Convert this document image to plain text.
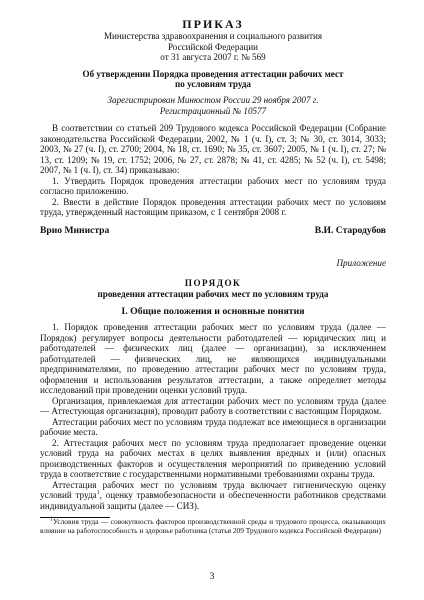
ПРИКАЗ

Министерства здравоохранения и социального развития

Российской Федерации

от 31 августа 2007 г. № 569

Об утверждении Порядка проведения аттестации рабочих мест

по условиям труда

Зарегистрирован Минюстом России 29 ноября 2007 г.

Регистрационный № 10577

В соответствии со статьей 209 Трудового кодекса Российской Федерации (Собрание законодательства Российской Федерации, 2002, № 1 (ч. I), ст. 3; № 30, ст. 3014, 3033; 2003, № 27 (ч. I), ст. 2700; 2004, № 18, ст. 1690; № 35, ст. 3607; 2005, № 1 (ч. I), ст. 27; № 13, ст. 1209; № 19, ст. 1752; 2006, № 27, ст. 2878; № 41, ст. 4285; № 52 (ч. I), ст. 5498; 2007, № 1 (ч. I), ст. 34) приказываю:

1. Утвердить Порядок проведения аттестации рабочих мест по условиям труда согласно приложению.

2. Ввести в действие Порядок проведения аттестации рабочих мест по условиям труда, утвержденный настоящим приказом, с 1 сентября 2008 г.

Врио Министра	В.И. Стародубов

Приложение

ПОРЯДОК

проведения аттестации рабочих мест по условиям труда

I. Общие положения и основные понятия

1. Порядок проведения аттестации рабочих мест по условиям труда (далее — Порядок) регулирует вопросы деятельности работодателей — юридических лиц и работодателей — физических лиц (далее — организации), за исключением работодателей — физических лиц, не являющихся индивидуальными предпринимателями, по проведению аттестации рабочих мест по условиям труда, оформления и использования результатов аттестации, а также определяет методы исследований при проведении оценки условий труда.

Организация, привлекаемая для аттестации рабочих мест по условиям труда (далее — Аттестующая организация), проводит работу в соответствии с настоящим Порядком.

Аттестации рабочих мест по условиям труда подлежат все имеющиеся в организации рабочие места.

2. Аттестация рабочих мест по условиям труда предполагает проведение оценки условий труда на рабочих местах в целях выявления вредных и (или) опасных производственных факторов и осуществления мероприятий по приведению условий труда в соответствие с государственными нормативными требованиями охраны труда.

Аттестация рабочих мест по условиям труда включает гигиеническую оценку условий труда$^1$, оценку травмобезопасности и обеспеченности работников средствами индивидуальной защиты (далее — СИЗ).

$^1$Условия труда — совокупность факторов производственной среды и трудового процесса, оказывающих влияние на работоспособность и здоровье работника (статья 209 Трудового кодекса Российской Федерации)

3
